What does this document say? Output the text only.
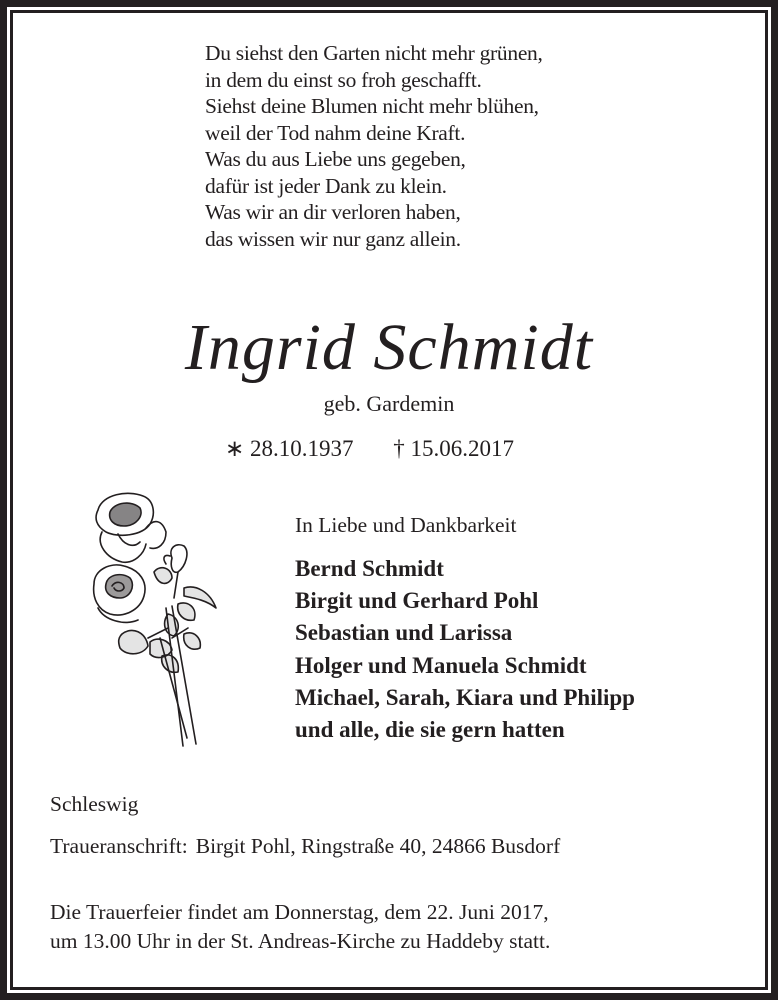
Du siehst den Garten nicht mehr grünen,
in dem du einst so froh geschafft.
Siehst deine Blumen nicht mehr blühen,
weil der Tod nahm deine Kraft.
Was du aus Liebe uns gegeben,
dafür ist jeder Dank zu klein.
Was wir an dir verloren haben,
das wissen wir nur ganz allein.
Ingrid Schmidt
geb. Gardemin
∗ 28.10.1937 † 15.06.2017
In Liebe und Dankbarkeit
Bernd Schmidt
Birgit und Gerhard Pohl
Sebastian und Larissa
Holger und Manuela Schmidt
Michael, Sarah, Kiara und Philipp
und alle, die sie gern hatten
Schleswig
Traueranschrift: Birgit Pohl, Ringstraße 40, 24866 Busdorf
Die Trauerfeier findet am Donnerstag, dem 22. Juni 2017,
um 13.00 Uhr in der St. Andreas-Kirche zu Haddeby statt.
